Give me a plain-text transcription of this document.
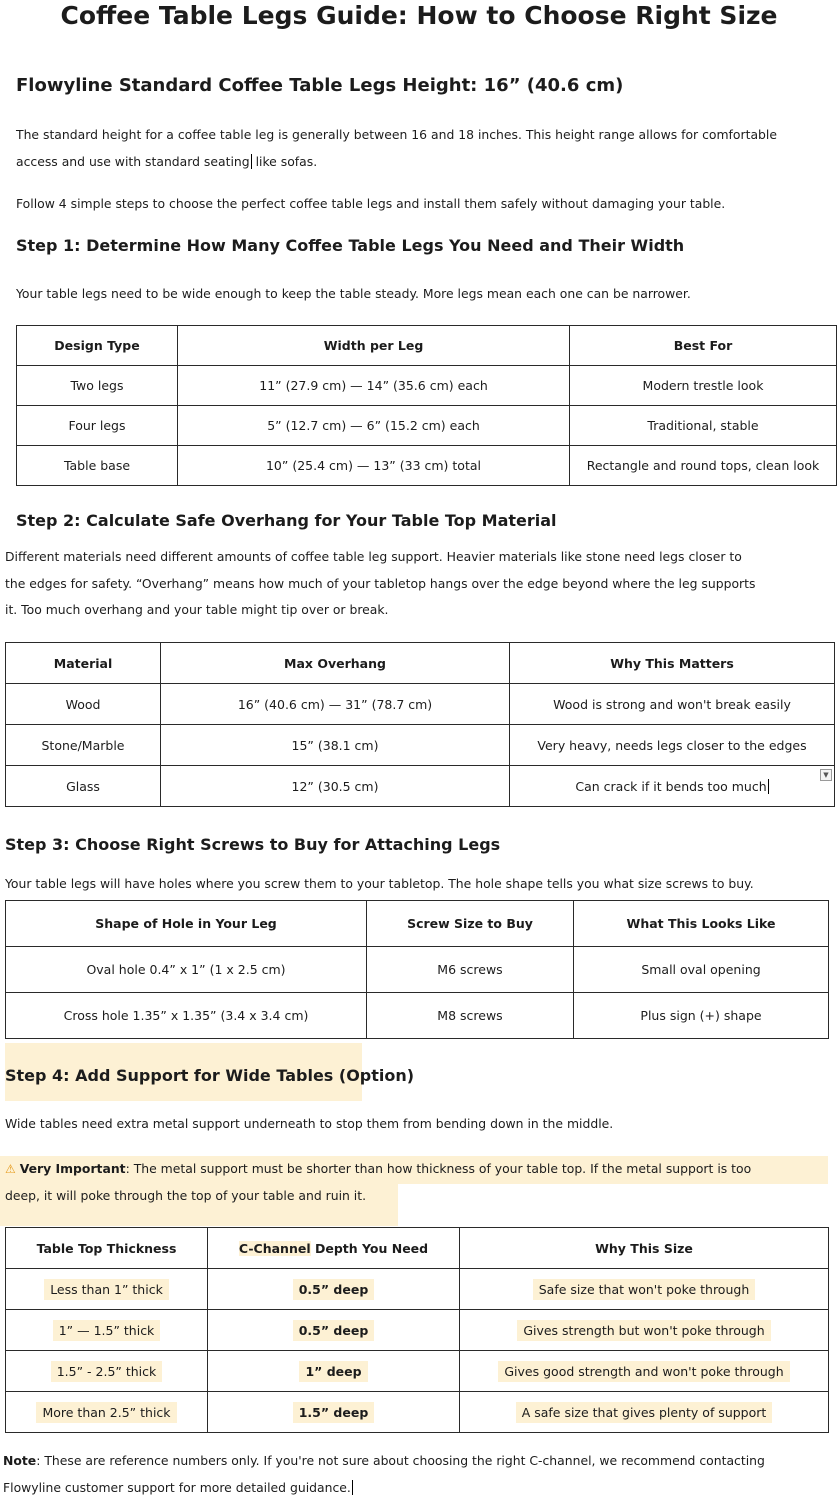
Coffee Table Legs Guide: How to Choose Right Size
Flowyline Standard Coffee Table Legs Height: 16” (40.6 cm)
The standard height for a coffee table leg is generally between 16 and 18 inches. This height range allows for comfortable
access and use with standard seating like sofas.
Follow 4 simple steps to choose the perfect coffee table legs and install them safely without damaging your table.
Step 1: Determine How Many Coffee Table Legs You Need and Their Width
Your table legs need to be wide enough to keep the table steady. More legs mean each one can be narrower.
Design Type	Width per Leg	Best For
Two legs	11” (27.9 cm) — 14” (35.6 cm) each	Modern trestle look
Four legs	5” (12.7 cm) — 6” (15.2 cm) each	Traditional, stable
Table base	10” (25.4 cm) — 13” (33 cm) total	Rectangle and round tops, clean look
Step 2: Calculate Safe Overhang for Your Table Top Material
Different materials need different amounts of coffee table leg support. Heavier materials like stone need legs closer to
the edges for safety. “Overhang” means how much of your tabletop hangs over the edge beyond where the leg supports
it. Too much overhang and your table might tip over or break.
Material	Max Overhang	Why This Matters
Wood	16” (40.6 cm) — 31” (78.7 cm)	Wood is strong and won't break easily
Stone/Marble	15” (38.1 cm)	Very heavy, needs legs closer to the edges
Glass	12” (30.5 cm)	Can crack if it bends too much
▼
Step 3: Choose Right Screws to Buy for Attaching Legs
Your table legs will have holes where you screw them to your tabletop. The hole shape tells you what size screws to buy.
Shape of Hole in Your Leg	Screw Size to Buy	What This Looks Like
Oval hole 0.4” x 1” (1 x 2.5 cm)	M6 screws	Small oval opening
Cross hole 1.35” x 1.35” (3.4 x 3.4 cm)	M8 screws	Plus sign (+) shape
Step 4: Add Support for Wide Tables (Option)
Wide tables need extra metal support underneath to stop them from bending down in the middle.
⚠ Very Important: The metal support must be shorter than how thickness of your table top. If the metal support is too
deep, it will poke through the top of your table and ruin it.
Table Top Thickness	C-Channel Depth You Need	Why This Size
Less than 1” thick	0.5” deep	Safe size that won't poke through
1” — 1.5” thick	0.5” deep	Gives strength but won't poke through
1.5” - 2.5” thick	1” deep	Gives good strength and won't poke through
More than 2.5” thick	1.5” deep	A safe size that gives plenty of support
Note: These are reference numbers only. If you're not sure about choosing the right C-channel, we recommend contacting
Flowyline customer support for more detailed guidance.
